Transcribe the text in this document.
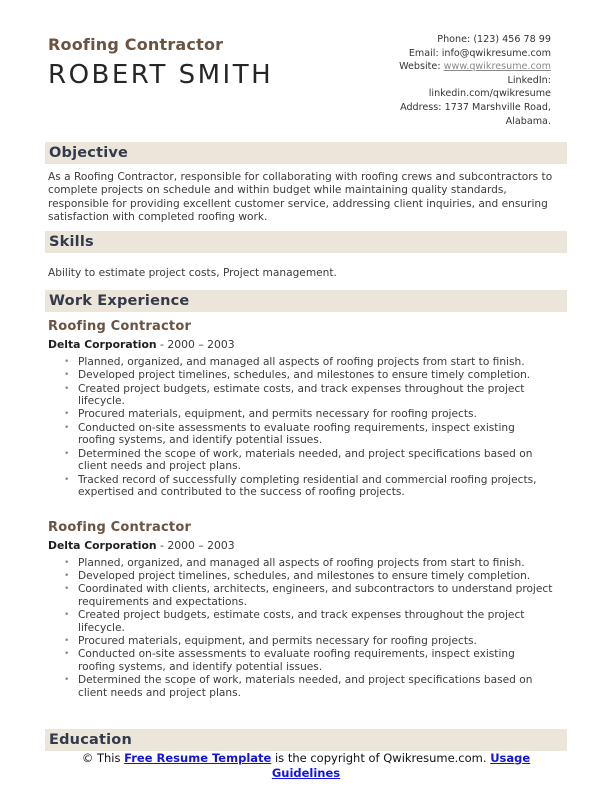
Roofing Contractor
ROBERT SMITH
Phone: (123) 456 78 99
Email: info@qwikresume.com
Website: www.qwikresume.com
LinkedIn:
linkedin.com/qwikresume
Address: 1737 Marshville Road,
Alabama.
Objective

As a Roofing Contractor, responsible for collaborating with roofing crews and subcontractors to complete projects on schedule and within budget while maintaining quality standards, responsible for providing excellent customer service, addressing client inquiries, and ensuring satisfaction with completed roofing work.

Skills

Ability to estimate project costs, Project management.

Work Experience
Roofing Contractor
Delta Corporation - 2000 – 2003
• Planned, organized, and managed all aspects of roofing projects from start to finish.
• Developed project timelines, schedules, and milestones to ensure timely completion.
• Created project budgets, estimate costs, and track expenses throughout the project lifecycle.
• Procured materials, equipment, and permits necessary for roofing projects.
• Conducted on-site assessments to evaluate roofing requirements, inspect existing roofing systems, and identify potential issues.
• Determined the scope of work, materials needed, and project specifications based on client needs and project plans.
• Tracked record of successfully completing residential and commercial roofing projects, expertised and contributed to the success of roofing projects.
Roofing Contractor
Delta Corporation - 2000 – 2003
• Planned, organized, and managed all aspects of roofing projects from start to finish.
• Developed project timelines, schedules, and milestones to ensure timely completion.
• Coordinated with clients, architects, engineers, and subcontractors to understand project requirements and expectations.
• Created project budgets, estimate costs, and track expenses throughout the project lifecycle.
• Procured materials, equipment, and permits necessary for roofing projects.
• Conducted on-site assessments to evaluate roofing requirements, inspect existing roofing systems, and identify potential issues.
• Determined the scope of work, materials needed, and project specifications based on client needs and project plans.
Education
© This Free Resume Template is the copyright of Qwikresume.com. Usage Guidelines
